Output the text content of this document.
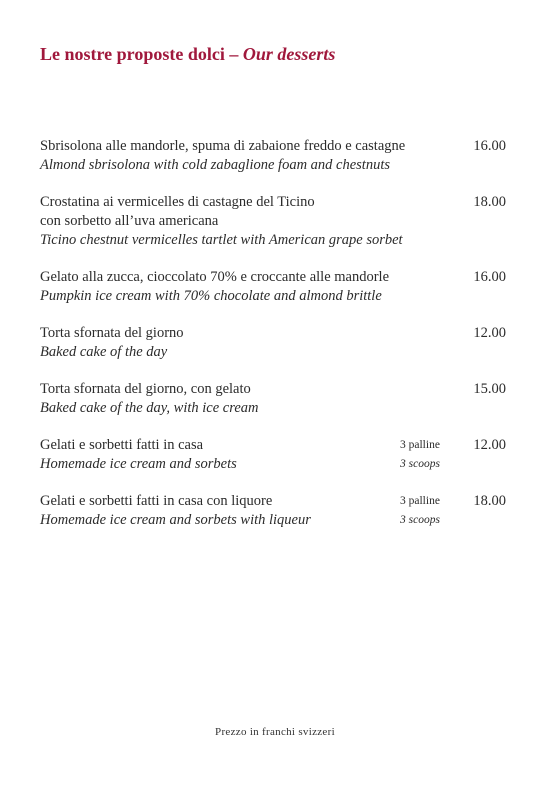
Le nostre proposte dolci – Our desserts
Sbrisolona alle mandorle, spuma di zabaione freddo e castagne
Almond sbrisolona with cold zabaglione foam and chestnuts
16.00
Crostatina ai vermicelles di castagne del Ticino
con sorbetto all’uva americana
Ticino chestnut vermicelles tartlet with American grape sorbet
18.00
Gelato alla zucca, cioccolato 70% e croccante alle mandorle
Pumpkin ice cream with 70% chocolate and almond brittle
16.00
Torta sfornata del giorno
Baked cake of the day
12.00
Torta sfornata del giorno, con gelato
Baked cake of the day, with ice cream
15.00
Gelati e sorbetti fatti in casa
Homemade ice cream and sorbets
3 palline
3 scoops
12.00
Gelati e sorbetti fatti in casa con liquore
Homemade ice cream and sorbets with liqueur
3 palline
3 scoops
18.00
Prezzo in franchi svizzeri
